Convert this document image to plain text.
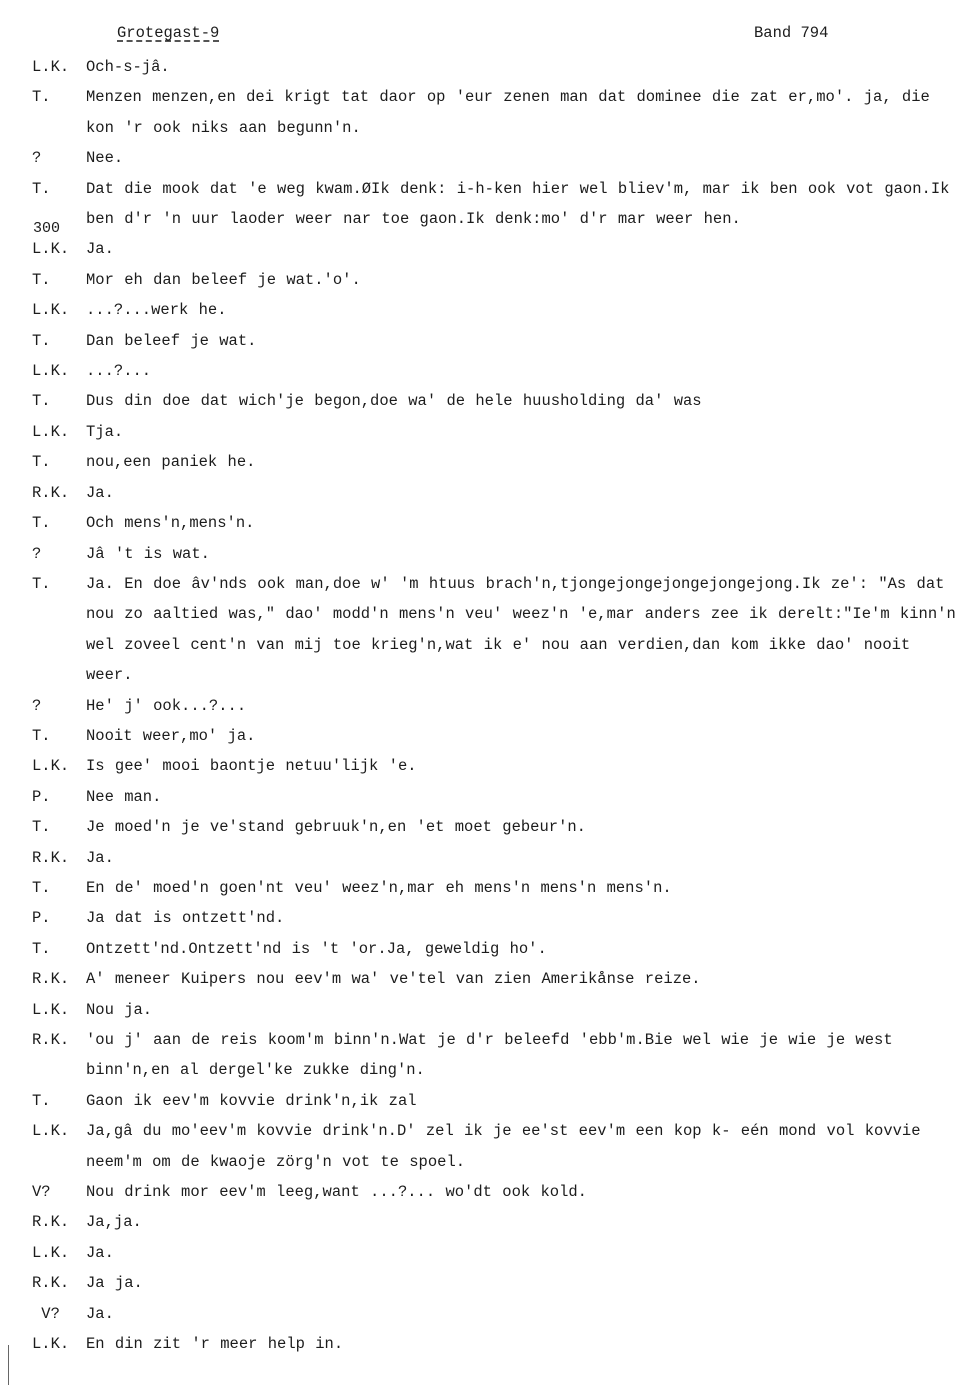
Grotegast-9	Band 794
300
L.K.	Och-s-jâ.
T.	Menzen menzen,en dei krigt tat daor op 'eur zenen man dat dominee die zat er,mo'. ja, die kon 'r ook niks aan begunn'n.
?	Nee.
T.	Dat die mook dat 'e weg kwam.ØIk denk: i-h-ken hier wel bliev'm, mar ik ben ook vot gaon.Ik ben d'r 'n uur laoder weer nar toe gaon.Ik denk:mo' d'r mar weer hen.
L.K.	Ja.
T.	Mor eh dan beleef je wat.'o'.
L.K.	...?...werk he.
T.	Dan beleef je wat.
L.K.	...?...
T.	Dus din doe dat wich'je begon,doe wa' de hele huusholding da' was
L.K.	Tja.
T.	nou,een paniek he.
R.K.	Ja.
T.	Och mens'n,mens'n.
?	Jâ 't is wat.
T.	Ja. En doe âv'nds ook man,doe w' 'm htuus brach'n,tjongejongejongejongejong.Ik ze': "As dat nou zo aaltied was," dao' modd'n mens'n veu' weez'n 'e,mar anders zee ik derelt:"Ie'm kinn'n wel zoveel cent'n van mij toe krieg'n,wat ik e' nou aan verdien,dan kom ikke dao' nooit weer.
?	He' j' ook...?...
T.	Nooit weer,mo' ja.
L.K.	Is gee' mooi baontje netuu'lijk 'e.
P.	Nee man.
T.	Je moed'n je ve'stand gebruuk'n,en 'et moet gebeur'n.
R.K.	Ja.
T.	En de' moed'n goen'nt veu' weez'n,mar eh mens'n mens'n mens'n.
P.	Ja dat is ontzett'nd.
T.	Ontzett'nd.Ontzett'nd is 't 'or.Ja, geweldig ho'.
R.K.	A' meneer Kuipers nou eev'm wa' ve'tel van zien Amerikånse reize.
L.K.	Nou ja.
R.K.	'ou j' aan de reis koom'm binn'n.Wat je d'r beleefd 'ebb'm.Bie wel wie je wie je west binn'n,en al dergel'ke zukke ding'n.
T.	Gaon ik eev'm kovvie drink'n,ik zal
L.K.	Ja,gâ du mo'eev'm kovvie drink'n.D' zel ik je ee'st eev'm een kop k- eén mond vol kovvie neem'm om de kwaoje zörg'n vot te spoel.
V?	Nou drink mor eev'm leeg,want ...?... wo'dt ook kold.
R.K.	Ja,ja.
L.K.	Ja.
R.K.	Ja ja.
V?	Ja.
L.K.	En din zit 'r meer help in.
